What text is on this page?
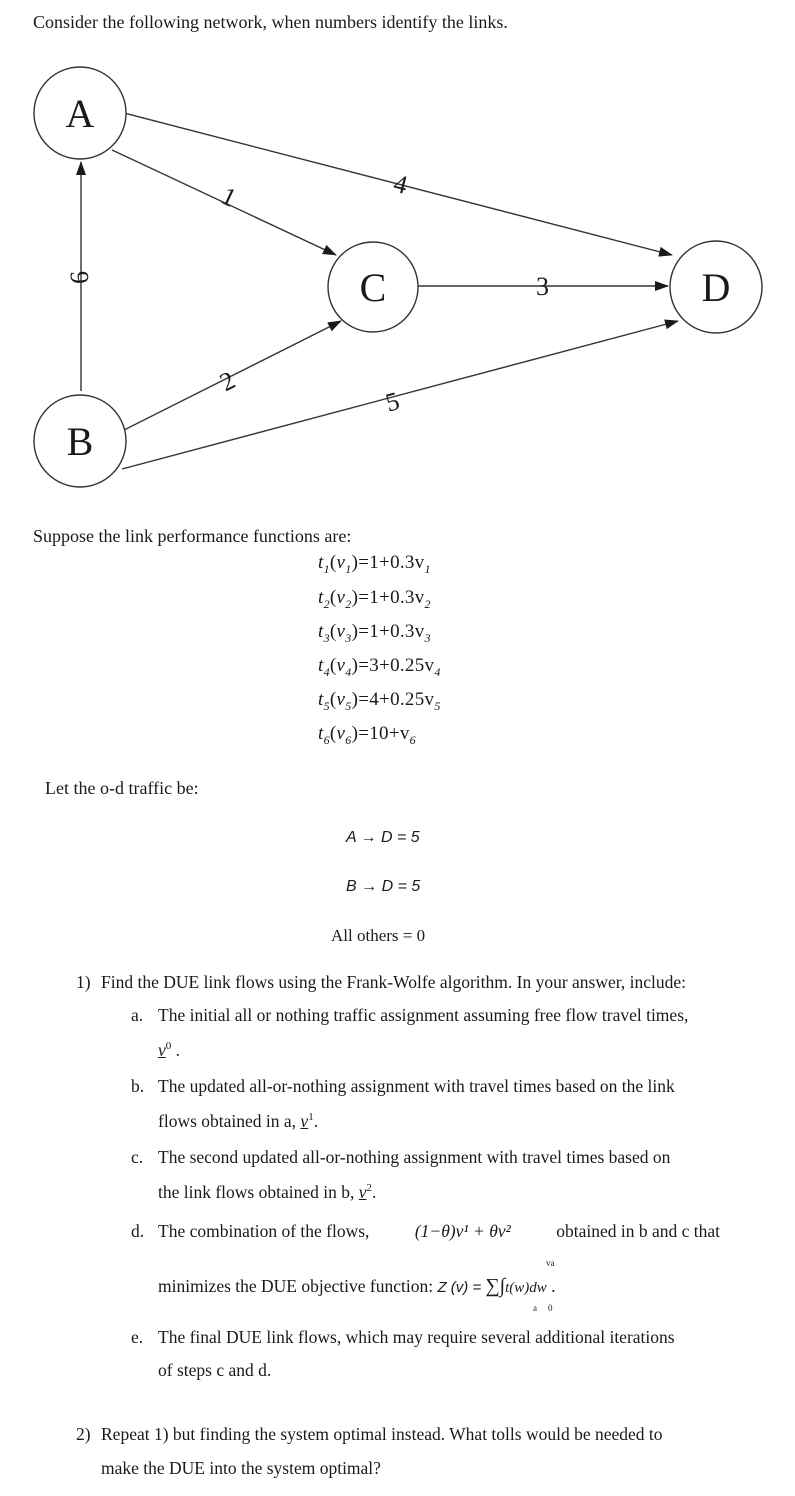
Consider the following network, when numbers identify the links.
1	4
3
2
5
6
A
C	D
B
Suppose the link performance functions are:
$t_1(v_1)=1+0.3v_1$
$t_2(v_2)=1+0.3v_2$
$t_3(v_3)=1+0.3v_3$
$t_4(v_4)=3+0.25v_4$
$t_5(v_5)=4+0.25v_5$
$t_6(v_6)=10+v_6$
Let the o-d traffic be:
A → D = 5
B → D = 5
All others = 0
1) Find the DUE link flows using the Frank-Wolfe algorithm. In your answer, include:
a. The initial all or nothing traffic assignment assuming free flow travel times,
$v^0$ .
b. The updated all-or-nothing assignment with travel times based on the link
flows obtained in a, $v^1$.
c. The second updated all-or-nothing assignment with travel times based on
the link flows obtained in b, $v^2$.
d. The combination of the flows,	(1−θ)v¹ + θv²	obtained in b and c that
minimizes the DUE objective function: Z (v) = ∑∫t(w)dw .
va
a 0
e. The final DUE link flows, which may require several additional iterations
of steps c and d.
2) Repeat 1) but finding the system optimal instead. What tolls would be needed to
make the DUE into the system optimal?
